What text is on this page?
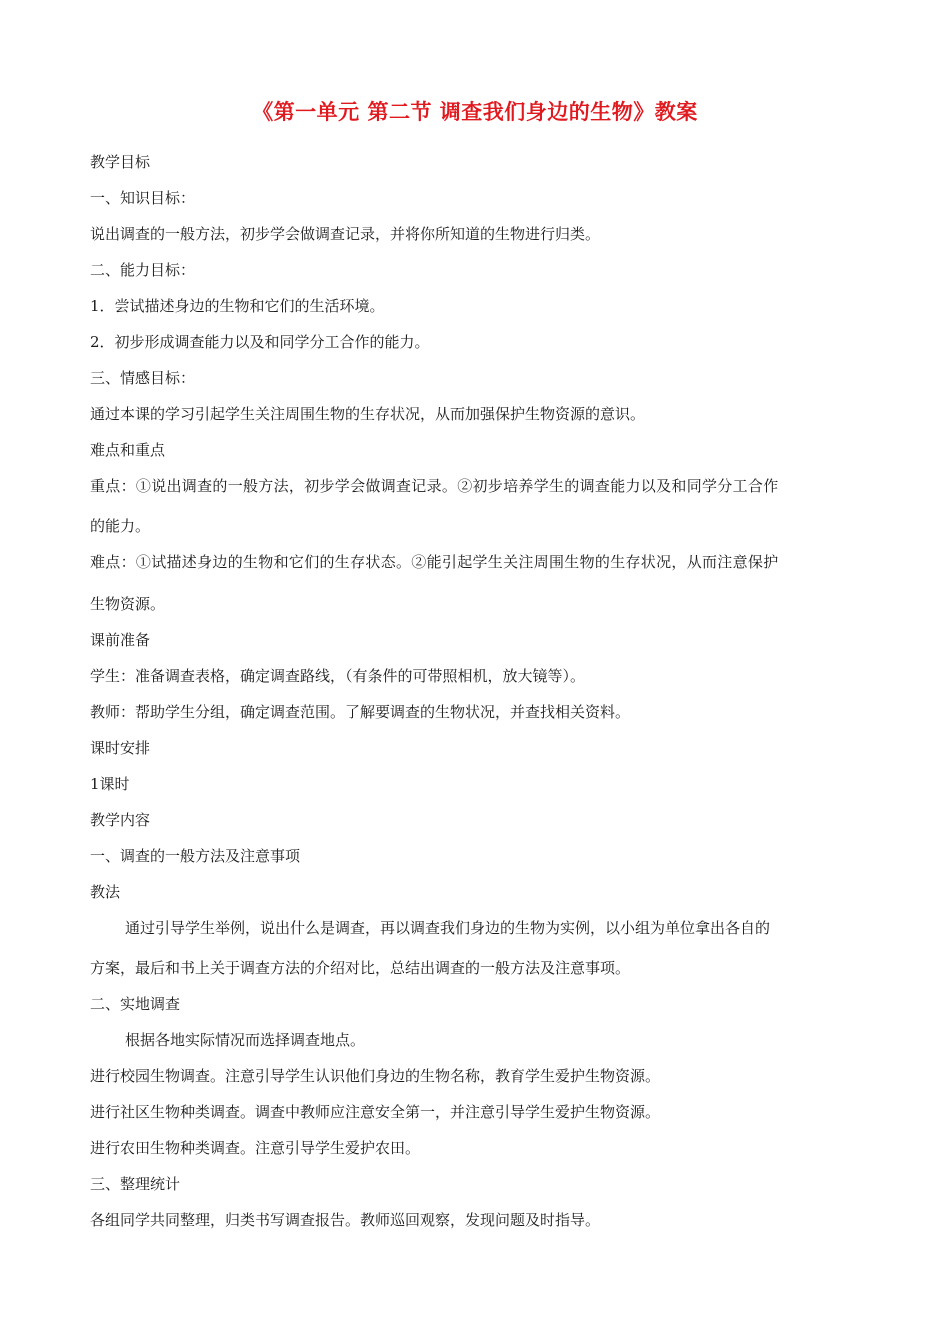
《第一单元 第二节 调查我们身边的生物》教案
教学目标
一、知识目标：
说出调查的一般方法，初步学会做调查记录，并将你所知道的生物进行归类。
二、能力目标：
1．尝试描述身边的生物和它们的生活环境。
2．初步形成调查能力以及和同学分工合作的能力。
三、情感目标：
通过本课的学习引起学生关注周围生物的生存状况，从而加强保护生物资源的意识。
难点和重点
重点：①说出调查的一般方法，初步学会做调查记录。②初步培养学生的调查能力以及和同学分工合作
的能力。
难点：①试描述身边的生物和它们的生存状态。②能引起学生关注周围生物的生存状况，从而注意保护
生物资源。
课前准备
学生：准备调查表格，确定调查路线，（有条件的可带照相机，放大镜等）。
教师：帮助学生分组，确定调查范围。了解要调查的生物状况，并查找相关资料。
课时安排
1课时
教学内容
一、调查的一般方法及注意事项
教法
通过引导学生举例，说出什么是调查，再以调查我们身边的生物为实例，以小组为单位拿出各自的
方案，最后和书上关于调查方法的介绍对比，总结出调查的一般方法及注意事项。
二、实地调查
根据各地实际情况而选择调查地点。
进行校园生物调查。注意引导学生认识他们身边的生物名称，教育学生爱护生物资源。
进行社区生物种类调查。调查中教师应注意安全第一，并注意引导学生爱护生物资源。
进行农田生物种类调查。注意引导学生爱护农田。
三、整理统计
各组同学共同整理，归类书写调查报告。教师巡回观察，发现问题及时指导。
